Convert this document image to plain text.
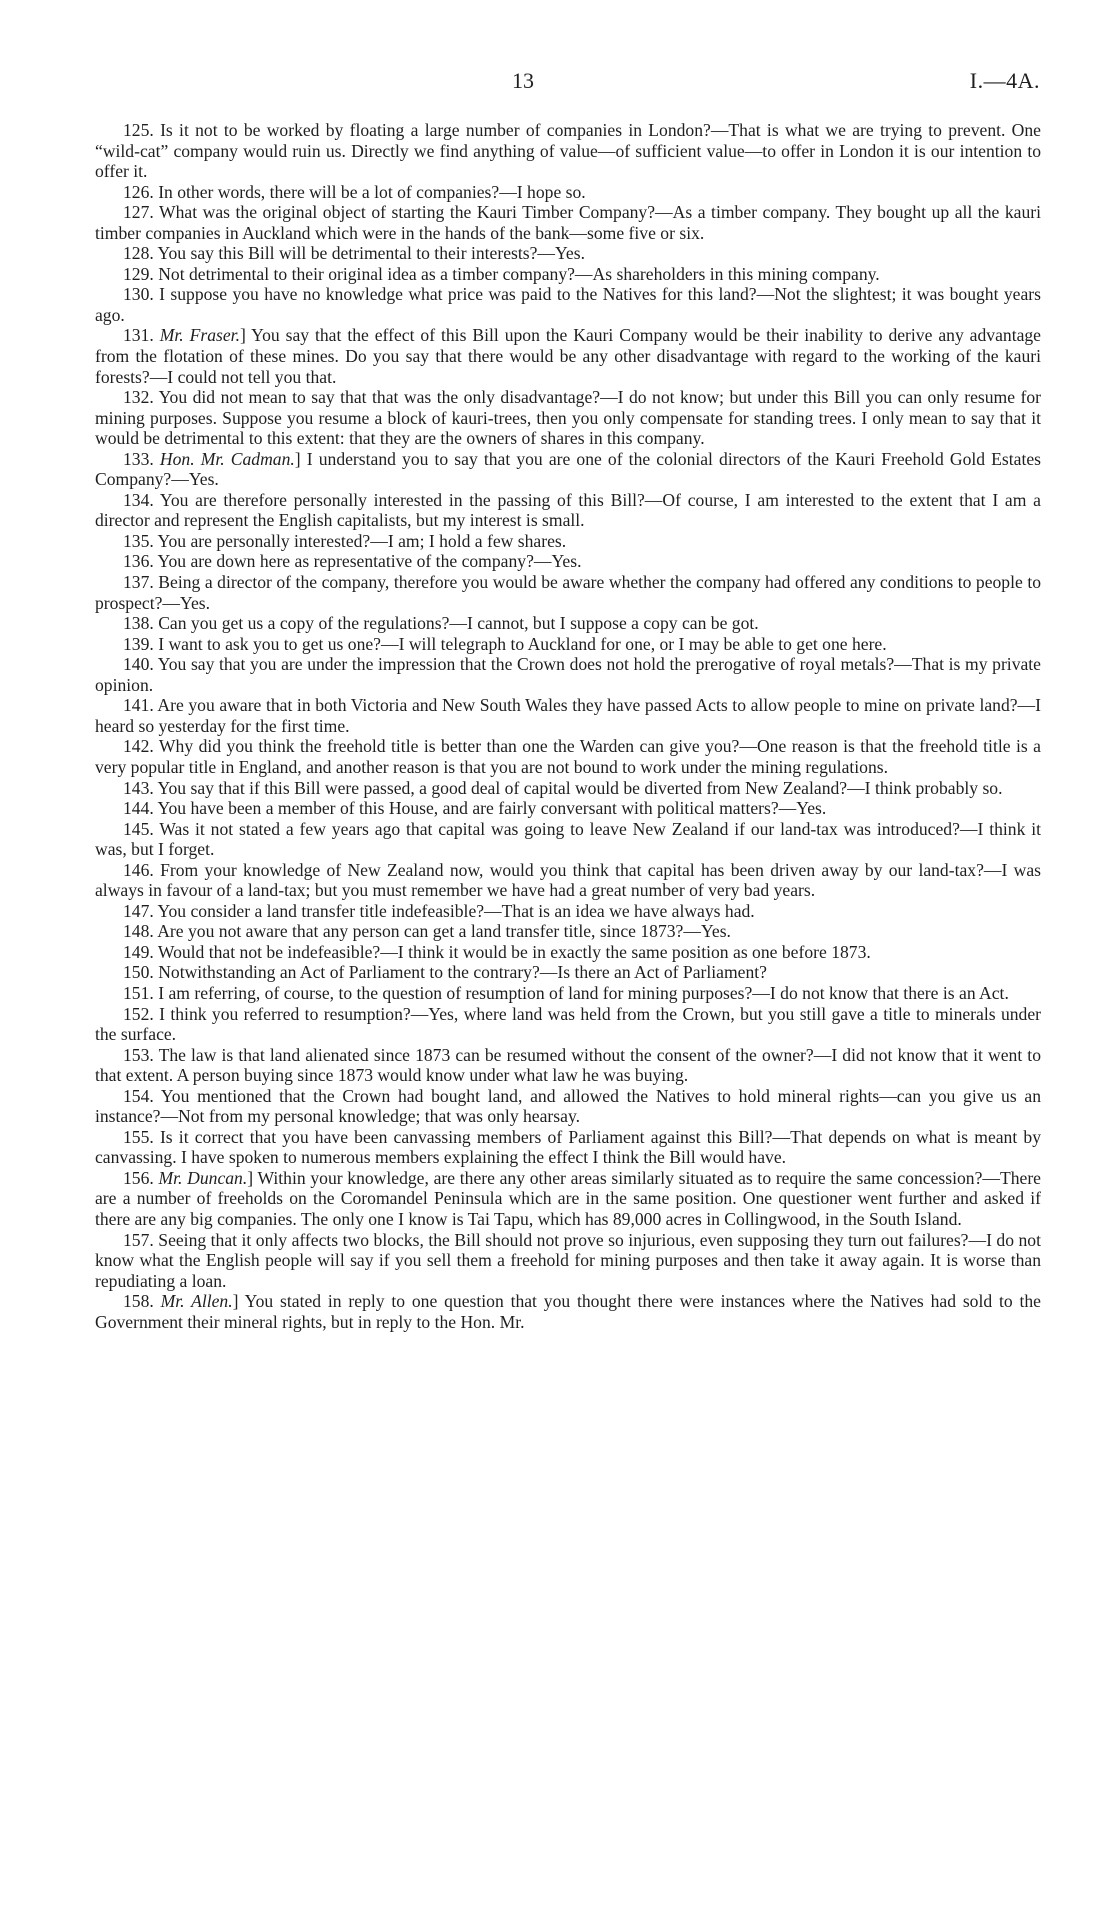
13	I.—4A.

125. Is it not to be worked by floating a large number of companies in London?—That is what we are trying to prevent. One “wild-cat” company would ruin us. Directly we find anything of value—of sufficient value—to offer in London it is our intention to offer it.

126. In other words, there will be a lot of companies?—I hope so.

127. What was the original object of starting the Kauri Timber Company?—As a timber company. They bought up all the kauri timber companies in Auckland which were in the hands of the bank—some five or six.

128. You say this Bill will be detrimental to their interests?—Yes.

129. Not detrimental to their original idea as a timber company?—As shareholders in this mining company.

130. I suppose you have no knowledge what price was paid to the Natives for this land?—Not the slightest; it was bought years ago.

131. Mr. Fraser.] You say that the effect of this Bill upon the Kauri Company would be their inability to derive any advantage from the flotation of these mines. Do you say that there would be any other disadvantage with regard to the working of the kauri forests?—I could not tell you that.

132. You did not mean to say that that was the only disadvantage?—I do not know; but under this Bill you can only resume for mining purposes. Suppose you resume a block of kauri-trees, then you only compensate for standing trees. I only mean to say that it would be detrimental to this extent: that they are the owners of shares in this company.

133. Hon. Mr. Cadman.] I understand you to say that you are one of the colonial directors of the Kauri Freehold Gold Estates Company?—Yes.

134. You are therefore personally interested in the passing of this Bill?—Of course, I am interested to the extent that I am a director and represent the English capitalists, but my interest is small.

135. You are personally interested?—I am; I hold a few shares.

136. You are down here as representative of the company?—Yes.

137. Being a director of the company, therefore you would be aware whether the company had offered any conditions to people to prospect?—Yes.

138. Can you get us a copy of the regulations?—I cannot, but I suppose a copy can be got.

139. I want to ask you to get us one?—I will telegraph to Auckland for one, or I may be able to get one here.

140. You say that you are under the impression that the Crown does not hold the prerogative of royal metals?—That is my private opinion.

141. Are you aware that in both Victoria and New South Wales they have passed Acts to allow people to mine on private land?—I heard so yesterday for the first time.

142. Why did you think the freehold title is better than one the Warden can give you?—One reason is that the freehold title is a very popular title in England, and another reason is that you are not bound to work under the mining regulations.

143. You say that if this Bill were passed, a good deal of capital would be diverted from New Zealand?—I think probably so.

144. You have been a member of this House, and are fairly conversant with political matters?—Yes.

145. Was it not stated a few years ago that capital was going to leave New Zealand if our land-tax was introduced?—I think it was, but I forget.

146. From your knowledge of New Zealand now, would you think that capital has been driven away by our land-tax?—I was always in favour of a land-tax; but you must remember we have had a great number of very bad years.

147. You consider a land transfer title indefeasible?—That is an idea we have always had.

148. Are you not aware that any person can get a land transfer title, since 1873?—Yes.

149. Would that not be indefeasible?—I think it would be in exactly the same position as one before 1873.

150. Notwithstanding an Act of Parliament to the contrary?—Is there an Act of Parliament?

151. I am referring, of course, to the question of resumption of land for mining purposes?—I do not know that there is an Act.

152. I think you referred to resumption?—Yes, where land was held from the Crown, but you still gave a title to minerals under the surface.

153. The law is that land alienated since 1873 can be resumed without the consent of the owner?—I did not know that it went to that extent. A person buying since 1873 would know under what law he was buying.

154. You mentioned that the Crown had bought land, and allowed the Natives to hold mineral rights—can you give us an instance?—Not from my personal knowledge; that was only hearsay.

155. Is it correct that you have been canvassing members of Parliament against this Bill?—That depends on what is meant by canvassing. I have spoken to numerous members explaining the effect I think the Bill would have.

156. Mr. Duncan.] Within your knowledge, are there any other areas similarly situated as to require the same concession?—There are a number of freeholds on the Coromandel Peninsula which are in the same position. One questioner went further and asked if there are any big companies. The only one I know is Tai Tapu, which has 89,000 acres in Collingwood, in the South Island.

157. Seeing that it only affects two blocks, the Bill should not prove so injurious, even supposing they turn out failures?—I do not know what the English people will say if you sell them a freehold for mining purposes and then take it away again. It is worse than repudiating a loan.

158. Mr. Allen.] You stated in reply to one question that you thought there were instances where the Natives had sold to the Government their mineral rights, but in reply to the Hon. Mr.
